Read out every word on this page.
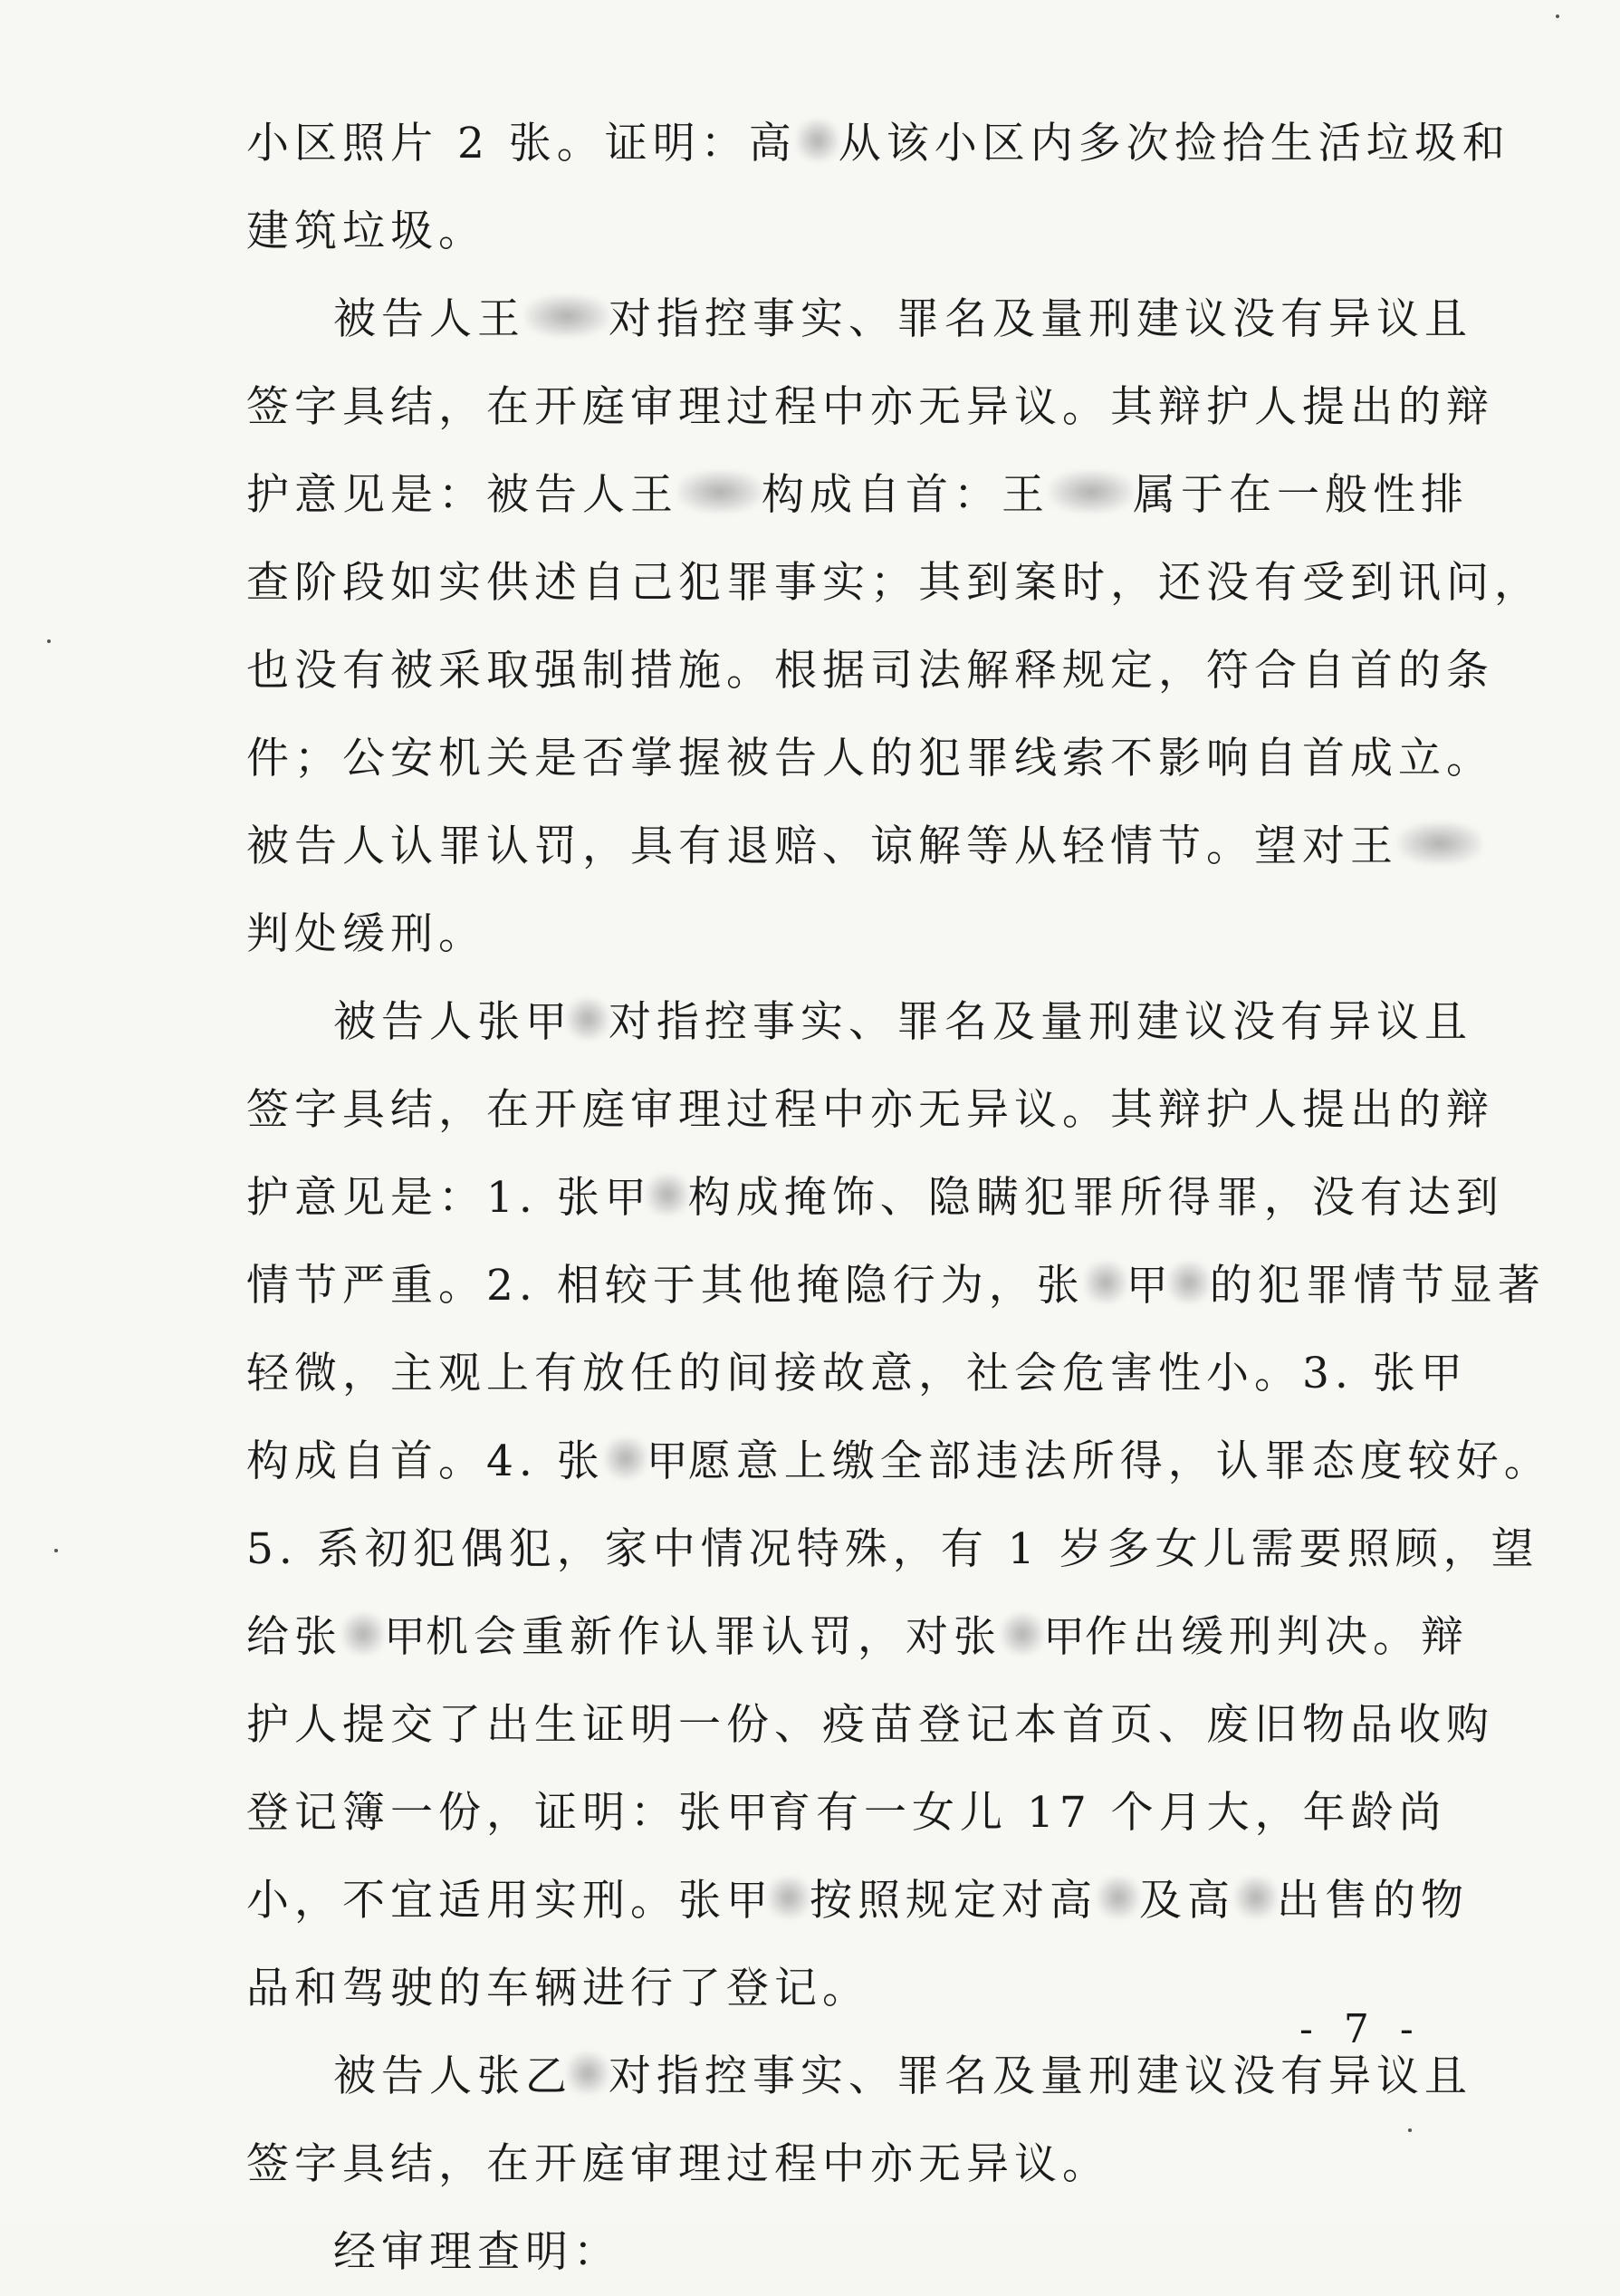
小区照片 2 张。证明：高 从该小区内多次捡拾生活垃圾和
建筑垃圾。
被告人王 对指控事实、罪名及量刑建议没有异议且
签字具结，在开庭审理过程中亦无异议。其辩护人提出的辩
护意见是：被告人王 构成自首：王 属于在一般性排
查阶段如实供述自己犯罪事实；其到案时，还没有受到讯问，
也没有被采取强制措施。根据司法解释规定，符合自首的条
件；公安机关是否掌握被告人的犯罪线索不影响自首成立。
被告人认罪认罚，具有退赔、谅解等从轻情节。望对王
判处缓刑。
被告人张甲 对指控事实、罪名及量刑建议没有异议且
签字具结，在开庭审理过程中亦无异议。其辩护人提出的辩
护意见是：1. 张甲 构成掩饰、隐瞒犯罪所得罪，没有达到
情节严重。2. 相较于其他掩隐行为，张 甲 的犯罪情节显著
轻微，主观上有放任的间接故意，社会危害性小。3. 张甲
构成自首。4. 张 甲愿意上缴全部违法所得，认罪态度较好。
5. 系初犯偶犯，家中情况特殊，有 1 岁多女儿需要照顾，望
给张 甲机会重新作认罪认罚，对张 甲作出缓刑判决。辩
护人提交了出生证明一份、疫苗登记本首页、废旧物品收购
登记簿一份，证明：张甲育有一女儿 17 个月大，年龄尚
小，不宜适用实刑。张甲 按照规定对高 及高 出售的物
品和驾驶的车辆进行了登记。
被告人张乙 对指控事实、罪名及量刑建议没有异议且
签字具结，在开庭审理过程中亦无异议。
经审理查明：
- 7 -
